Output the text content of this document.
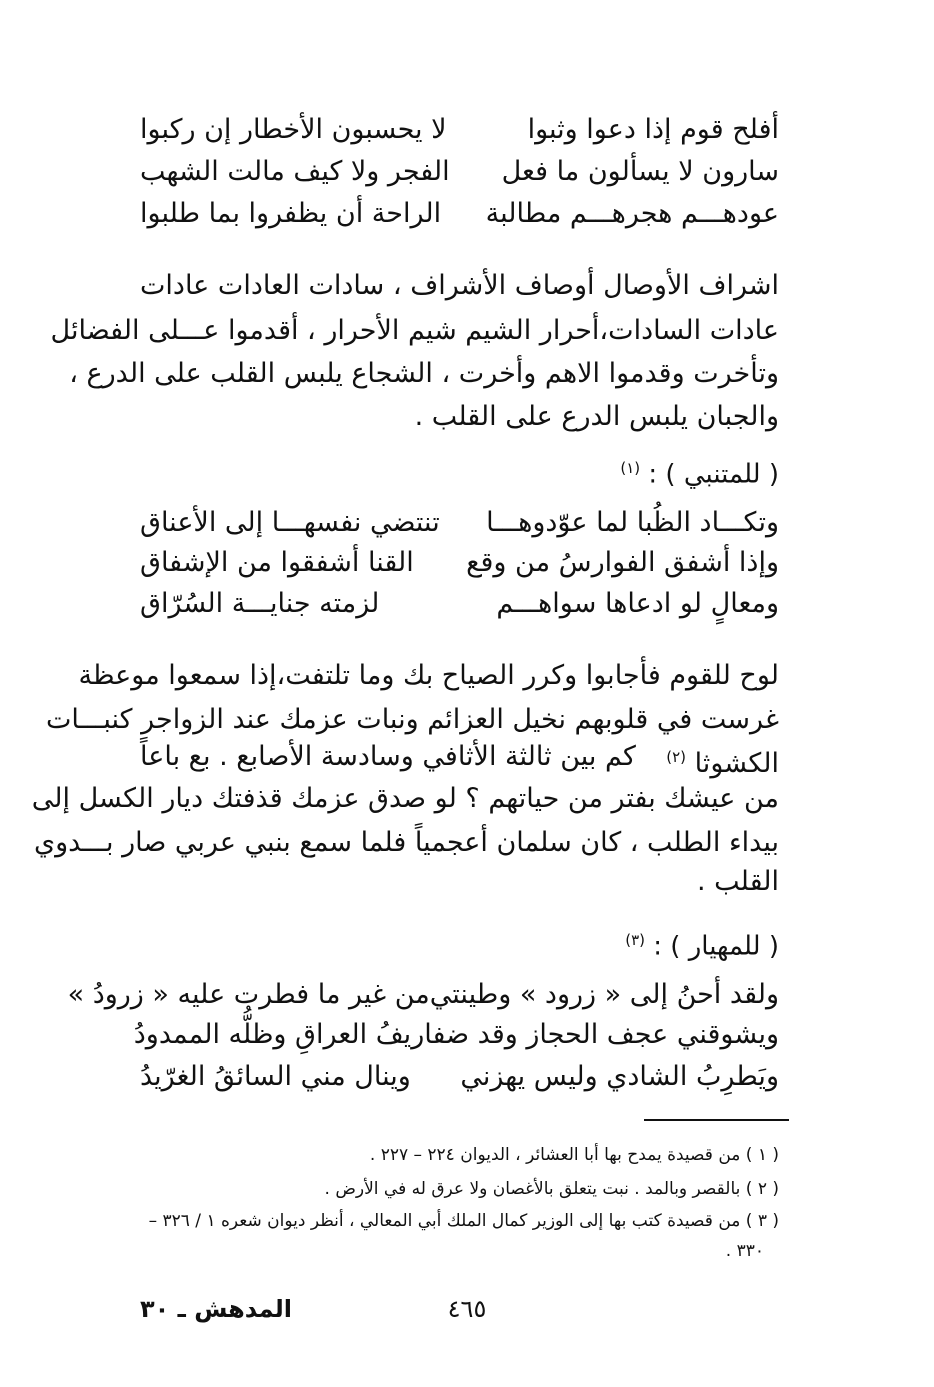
أفلح قوم إذا دعوا وثبوا
لا يحسبون الأخطار إن ركبوا
سارون لا يسألون ما فعل
الفجر ولا كيف مالت الشهب
عودهـــم هجرهـــم مطالبة
الراحة أن يظفروا بما طلبوا
اشراف الأوصال أوصاف الأشراف ، سادات العادات عادات
عادات السادات،أحرار الشيم شيم الأحرار ، أقدموا عـــلى الفضائل
وتأخرت وقدموا الاهم وأخرت ، الشجاع يلبس القلب على الدرع ،
والجبان يلبس الدرع على القلب .
( للمتنبي ) : $^{(١)}$
وتكـــاد الظُبا لما عوّدوهـــا
تنتضي نفسهـــا إلى الأعناق
وإذا أشفق الفوارسُ من وقع
القنا أشفقوا من الإشفاق
ومعالٍ لو ادعاها سواهـــم
لزمته جنايـــة السُرّاق
لوح للقوم فأجابوا وكرر الصياح بك وما تلتفت،إذا سمعوا موعظة
غرست في قلوبهم نخيل العزائم ونبات عزمك عند الزواجر كنبـــات
الكشوثا $^{(٢)}$
كم بين ثالثة الأثافي وسادسة الأصابع . بع باعاً
من عيشك بفتر من حياتهم ؟ لو صدق عزمك قذفتك ديار الكسل إلى
بيداء الطلب ، كان سلمان أعجمياً فلما سمع بنبي عربي صار بـــدوي
القلب .
( للمهيار ) : $^{(٣)}$
ولقد أحنُ إلى « زرود » وطينتي
من غير ما فطرت عليه « زرودُ »
ويشوقني عجف الحجاز وقد ضفا
ريفُ العراقِ وظلُّه الممدودُ
ويَطرِبُ الشادي وليس يهزني
وينال مني السائقُ الغرّيدُ
( ١ ) من قصيدة يمدح بها أبا العشائر ، الديوان ٢٢٤ – ٢٢٧ .
( ٢ ) بالقصر وبالمد . نبت يتعلق بالأغصان ولا عرق له في الأرض .
( ٣ ) من قصيدة كتب بها إلى الوزير كمال الملك أبي المعالي ، أنظر ديوان شعره ١ / ٣٢٦ –
٣٣٠ .
٤٦٥
المدهش ـ ٣٠
